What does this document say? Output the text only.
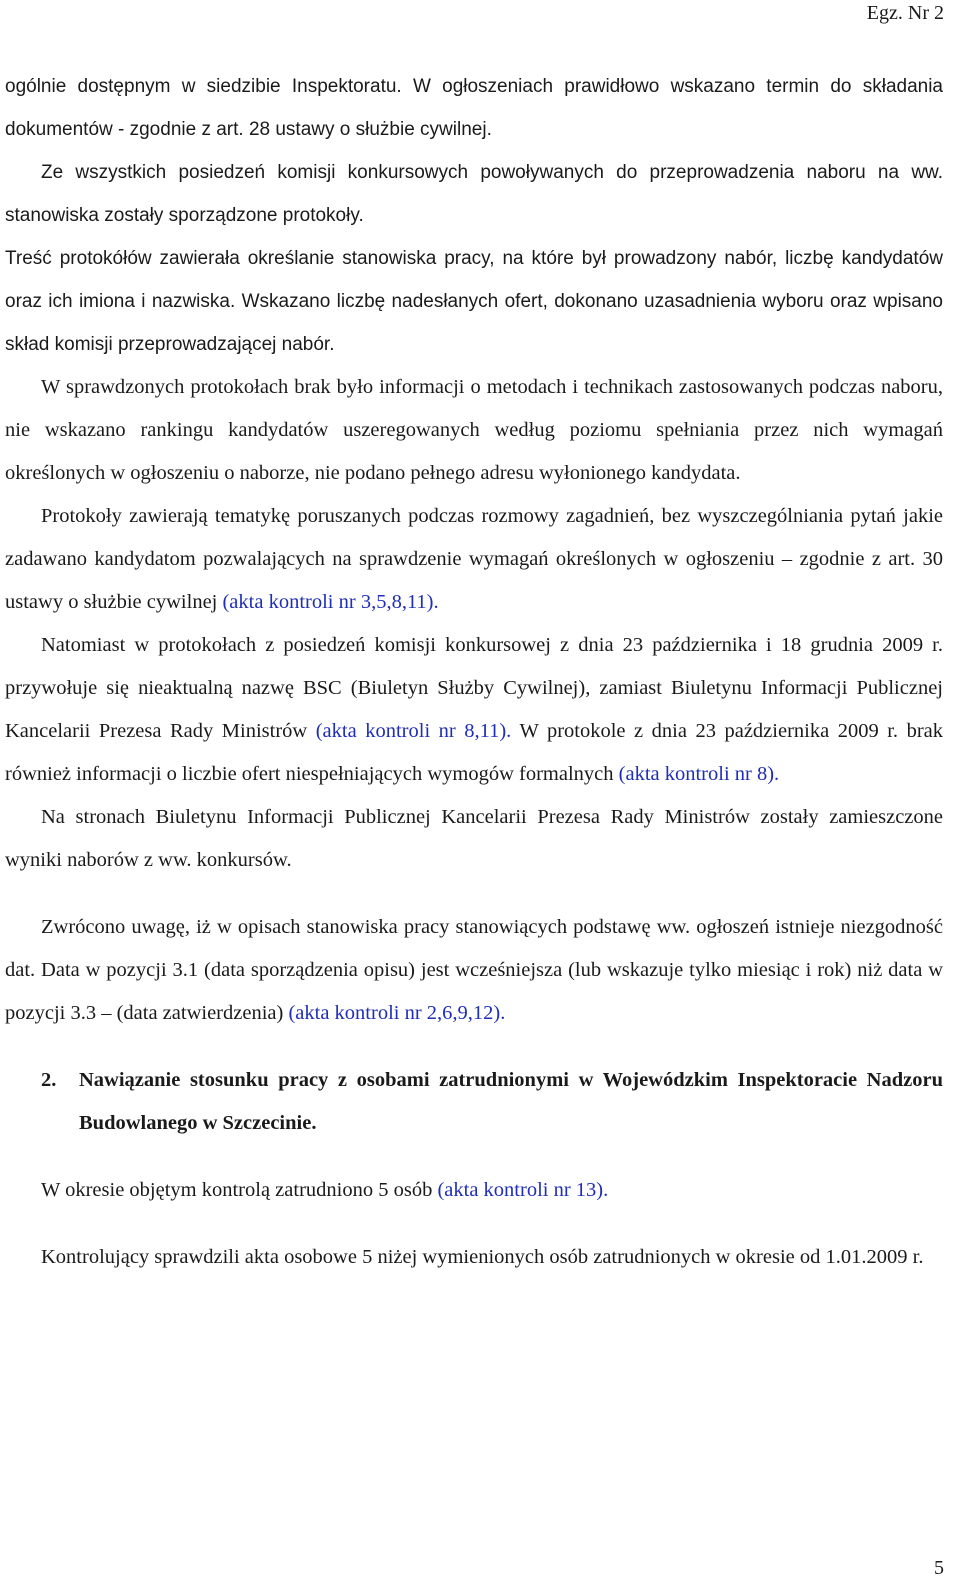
Egz. Nr 2

ogólnie dostępnym w siedzibie Inspektoratu. W ogłoszeniach prawidłowo wskazano termin do składania dokumentów - zgodnie z art. 28 ustawy o służbie cywilnej.

Ze wszystkich posiedzeń komisji konkursowych powoływanych do przeprowadzenia naboru na ww. stanowiska zostały sporządzone protokoły.

Treść protokółów zawierała określanie stanowiska pracy, na które był prowadzony nabór, liczbę kandydatów oraz ich imiona i nazwiska. Wskazano liczbę nadesłanych ofert, dokonano uzasadnienia wyboru oraz wpisano skład komisji przeprowadzającej nabór.

W sprawdzonych protokołach brak było informacji o metodach i technikach zastosowanych podczas naboru, nie wskazano rankingu kandydatów uszeregowanych według poziomu spełniania przez nich wymagań określonych w ogłoszeniu o naborze, nie podano pełnego adresu wyłonionego kandydata.

Protokoły zawierają tematykę poruszanych podczas rozmowy zagadnień, bez wyszczególniania pytań jakie zadawano kandydatom pozwalających na sprawdzenie wymagań określonych w ogłoszeniu – zgodnie z art. 30 ustawy o służbie cywilnej (akta kontroli nr 3,5,8,11).

Natomiast w protokołach z posiedzeń komisji konkursowej z dnia 23 października i 18 grudnia 2009 r. przywołuje się nieaktualną nazwę BSC (Biuletyn Służby Cywilnej), zamiast Biuletynu Informacji Publicznej Kancelarii Prezesa Rady Ministrów (akta kontroli nr 8,11). W protokole z dnia 23 października 2009 r. brak również informacji o liczbie ofert niespełniających wymogów formalnych (akta kontroli nr 8).

Na stronach Biuletynu Informacji Publicznej Kancelarii Prezesa Rady Ministrów zostały zamieszczone wyniki naborów z ww. konkursów.

Zwrócono uwagę, iż w opisach stanowiska pracy stanowiących podstawę ww. ogłoszeń istnieje niezgodność dat. Data w pozycji 3.1 (data sporządzenia opisu) jest wcześniejsza (lub wskazuje tylko miesiąc i rok) niż data w pozycji 3.3 – (data zatwierdzenia) (akta kontroli nr 2,6,9,12).

2.	Nawiązanie stosunku pracy z osobami zatrudnionymi w Wojewódzkim Inspektoracie Nadzoru Budowlanego w Szczecinie.

W okresie objętym kontrolą zatrudniono 5 osób (akta kontroli nr 13).

Kontrolujący sprawdzili akta osobowe 5 niżej wymienionych osób zatrudnionych w okresie od 1.01.2009 r.

5
